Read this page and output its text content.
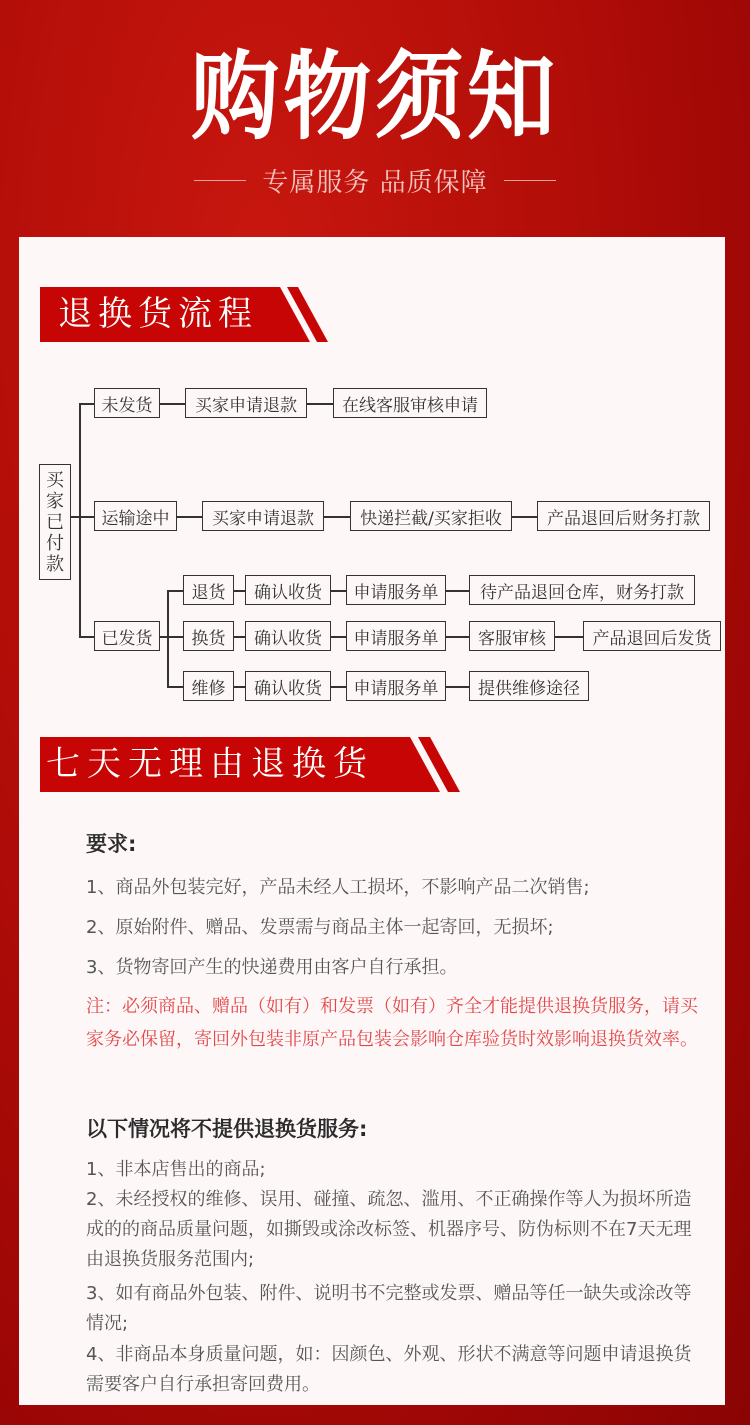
购物须知
专属服务 品质保障
退换货流程
买
家
已
付
款
未发货	买家申请退款	在线客服审核申请
运输途中	买家申请退款	快递拦截/买家拒收	产品退回后财务打款
已发货
退货	确认收货	申请服务单	待产品退回仓库，财务打款
换货	确认收货	申请服务单	客服审核	产品退回后发货
维修	确认收货	申请服务单	提供维修途径
七天无理由退换货
要求:
1、商品外包装完好，产品未经人工损坏，不影响产品二次销售;
2、原始附件、赠品、发票需与商品主体一起寄回，无损坏;
3、货物寄回产生的快递费用由客户自行承担。
注：必须商品、赠品（如有）和发票（如有）齐全才能提供退换货服务，请买家务必保留，寄回外包装非原产品包装会影响仓库验货时效影响退换货效率。
以下情况将不提供退换货服务:
1、非本店售出的商品;
2、未经授权的维修、误用、碰撞、疏忽、滥用、不正确操作等人为损坏所造成的的商品质量问题，如撕毁或涂改标签、机器序号、防伪标则不在7天无理由退换货服务范围内;
3、如有商品外包装、附件、说明书不完整或发票、赠品等任一缺失或涂改等情况;
4、非商品本身质量问题，如：因颜色、外观、形状不满意等问题申请退换货需要客户自行承担寄回费用。
